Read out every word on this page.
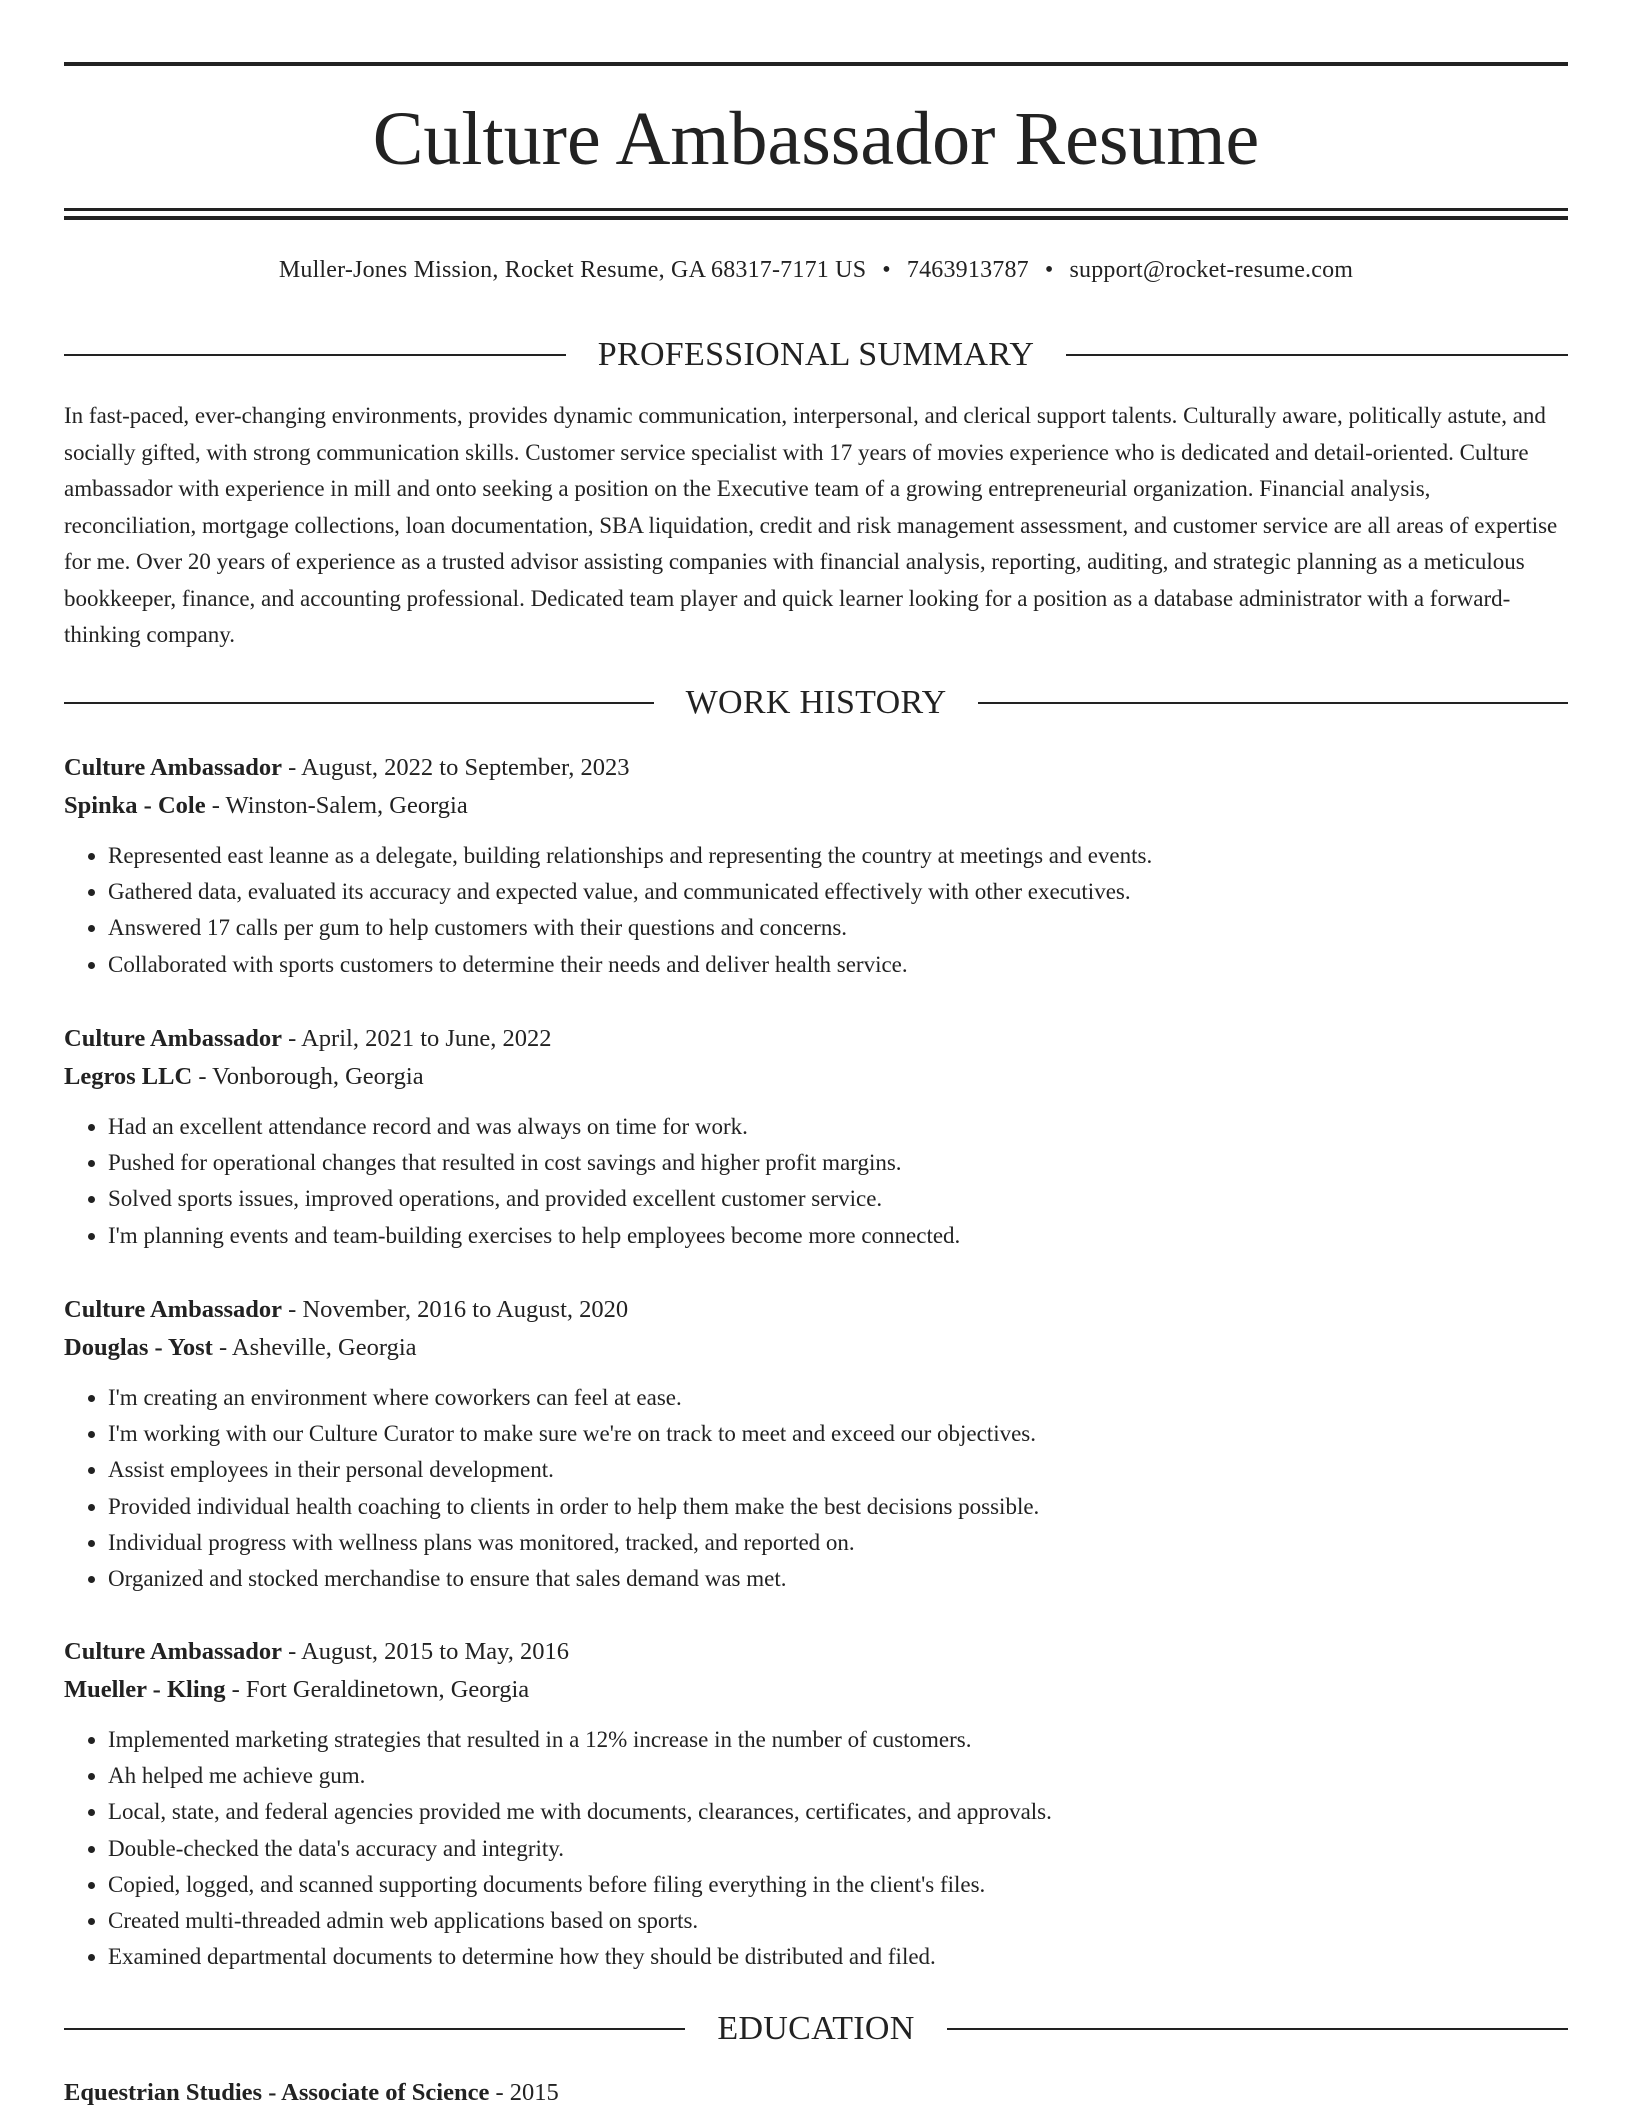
Culture Ambassador Resume
Muller-Jones Mission, Rocket Resume, GA 68317-7171 US • 7463913787 • support@rocket-resume.com
PROFESSIONAL SUMMARY

In fast-paced, ever-changing environments, provides dynamic communication, interpersonal, and clerical support talents. Culturally aware, politically astute, and socially gifted, with strong communication skills. Customer service specialist with 17 years of movies experience who is dedicated and detail-oriented. Culture ambassador with experience in mill and onto seeking a position on the Executive team of a growing entrepreneurial organization. Financial analysis, reconciliation, mortgage collections, loan documentation, SBA liquidation, credit and risk management assessment, and customer service are all areas of expertise for me. Over 20 years of experience as a trusted advisor assisting companies with financial analysis, reporting, auditing, and strategic planning as a meticulous bookkeeper, finance, and accounting professional. Dedicated team player and quick learner looking for a position as a database administrator with a forward-thinking company.

WORK HISTORY
Culture Ambassador - August, 2022 to September, 2023
Spinka - Cole - Winston-Salem, Georgia
• Represented east leanne as a delegate, building relationships and representing the country at meetings and events.
• Gathered data, evaluated its accuracy and expected value, and communicated effectively with other executives.
• Answered 17 calls per gum to help customers with their questions and concerns.
• Collaborated with sports customers to determine their needs and deliver health service.
Culture Ambassador - April, 2021 to June, 2022
Legros LLC - Vonborough, Georgia
• Had an excellent attendance record and was always on time for work.
• Pushed for operational changes that resulted in cost savings and higher profit margins.
• Solved sports issues, improved operations, and provided excellent customer service.
• I'm planning events and team-building exercises to help employees become more connected.
Culture Ambassador - November, 2016 to August, 2020
Douglas - Yost - Asheville, Georgia
• I'm creating an environment where coworkers can feel at ease.
• I'm working with our Culture Curator to make sure we're on track to meet and exceed our objectives.
• Assist employees in their personal development.
• Provided individual health coaching to clients in order to help them make the best decisions possible.
• Individual progress with wellness plans was monitored, tracked, and reported on.
• Organized and stocked merchandise to ensure that sales demand was met.
Culture Ambassador - August, 2015 to May, 2016
Mueller - Kling - Fort Geraldinetown, Georgia
• Implemented marketing strategies that resulted in a 12% increase in the number of customers.
• Ah helped me achieve gum.
• Local, state, and federal agencies provided me with documents, clearances, certificates, and approvals.
• Double-checked the data's accuracy and integrity.
• Copied, logged, and scanned supporting documents before filing everything in the client's files.
• Created multi-threaded admin web applications based on sports.
• Examined departmental documents to determine how they should be distributed and filed.
EDUCATION
Equestrian Studies - Associate of Science - 2015
